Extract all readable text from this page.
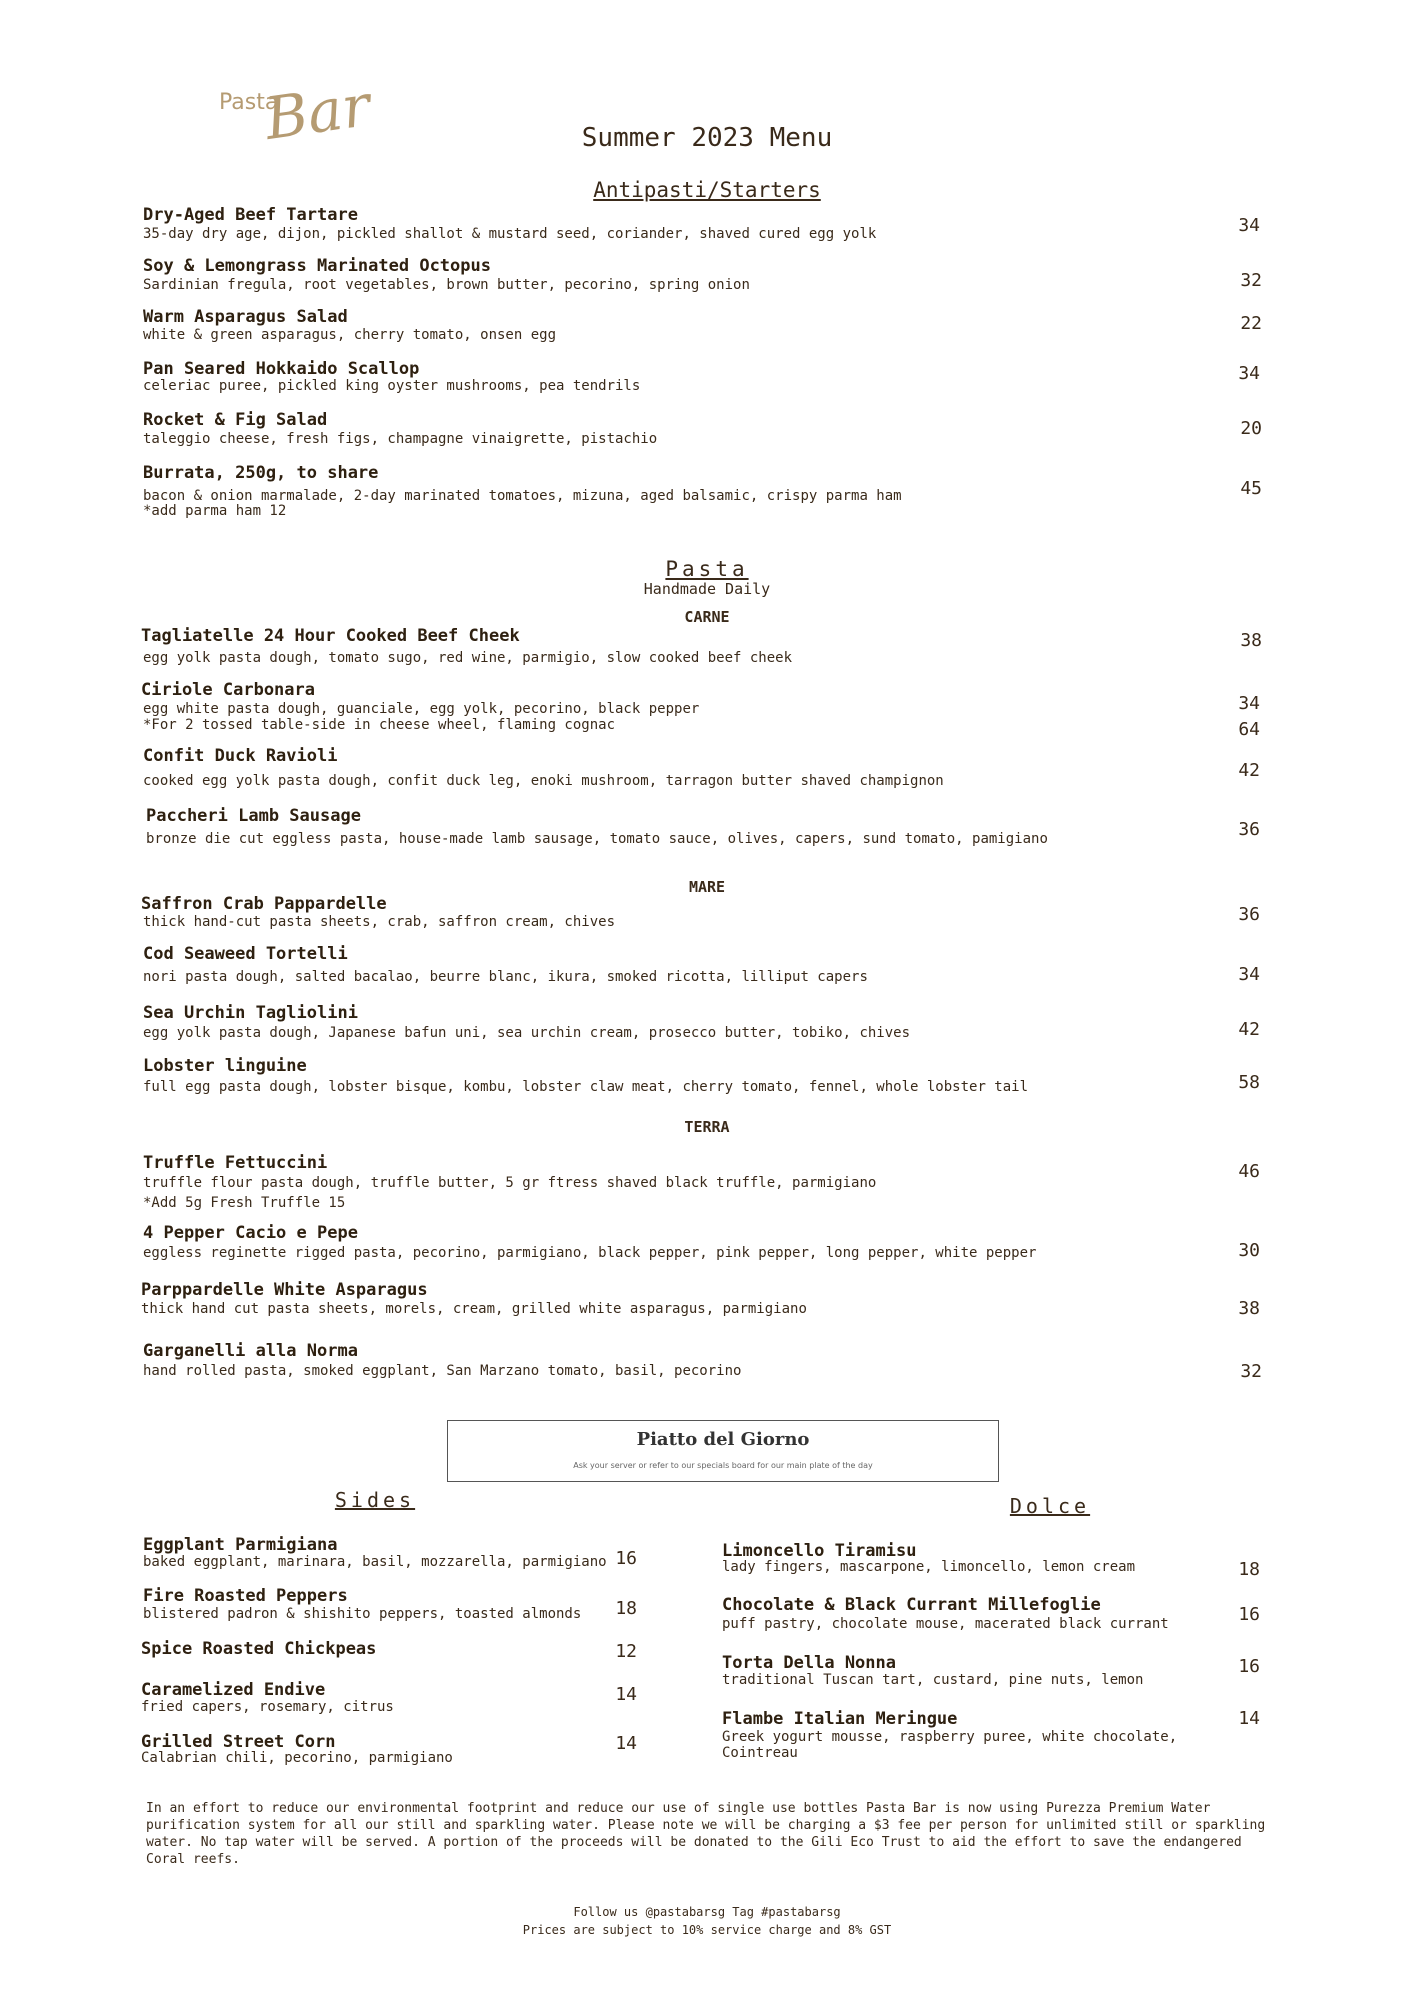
Pasta
Bar	Summer 2023 Menu
Antipasti/Starters
Dry-Aged Beef Tartare
35-day dry age, dijon, pickled shallot & mustard seed, coriander, shaved cured egg yolk	34
Soy & Lemongrass Marinated Octopus
Sardinian fregula, root vegetables, brown butter, pecorino, spring onion	32
Warm Asparagus Salad
white & green asparagus, cherry tomato, onsen egg
22
Pan Seared Hokkaido Scallop
celeriac puree, pickled king oyster mushrooms, pea tendrils
34
Rocket & Fig Salad
taleggio cheese, fresh figs, champagne vinaigrette, pistachio	20
Burrata, 250g, to share
bacon & onion marmalade, 2-day marinated tomatoes, mizuna, aged balsamic, crispy parma ham
*add parma ham 12
45
Pasta
Handmade Daily
CARNE
Tagliatelle 24 Hour Cooked Beef Cheek
egg yolk pasta dough, tomato sugo, red wine, parmigio, slow cooked beef cheek
38
Ciriole Carbonara
egg white pasta dough, guanciale, egg yolk, pecorino, black pepper
*For 2 tossed table-side in cheese wheel, flaming cognac
34
64
Confit Duck Ravioli
cooked egg yolk pasta dough, confit duck leg, enoki mushroom, tarragon butter shaved champignon	42
Paccheri Lamb Sausage
bronze die cut eggless pasta, house-made lamb sausage, tomato sauce, olives, capers, sund tomato, pamigiano	36
MARE
Saffron Crab Pappardelle
thick hand-cut pasta sheets, crab, saffron cream, chives	36
Cod Seaweed Tortelli
nori pasta dough, salted bacalao, beurre blanc, ikura, smoked ricotta, lilliput capers	34
Sea Urchin Tagliolini
egg yolk pasta dough, Japanese bafun uni, sea urchin cream, prosecco butter, tobiko, chives	42
Lobster linguine
full egg pasta dough, lobster bisque, kombu, lobster claw meat, cherry tomato, fennel, whole lobster tail	58
TERRA
Truffle Fettuccini
truffle flour pasta dough, truffle butter, 5 gr ftress shaved black truffle, parmigiano
*Add 5g Fresh Truffle 15
46
4 Pepper Cacio e Pepe
eggless reginette rigged pasta, pecorino, parmigiano, black pepper, pink pepper, long pepper, white pepper	30
Parppardelle White Asparagus
thick hand cut pasta sheets, morels, cream, grilled white asparagus, parmigiano	38
Garganelli alla Norma
hand rolled pasta, smoked eggplant, San Marzano tomato, basil, pecorino	32
Piatto del Giorno
Ask your server or refer to our specials board for our main plate of the day
Sides
Eggplant Parmigiana
baked eggplant, marinara, basil, mozzarella, parmigiano 16
Fire Roasted Peppers
blistered padron & shishito peppers, toasted almonds	18
Spice Roasted Chickpeas	12
Caramelized Endive
fried capers, rosemary, citrus
14
Grilled Street Corn
Calabrian chili, pecorino, parmigiano
14
Dolce
Limoncello Tiramisu
lady fingers, mascarpone, limoncello, lemon cream	18
Chocolate & Black Currant Millefoglie
puff pastry, chocolate mouse, macerated black currant	16
Torta Della Nonna
traditional Tuscan tart, custard, pine nuts, lemon
16
Flambe Italian Meringue
Greek yogurt mousse, raspberry puree, white chocolate,
Cointreau
14
In an effort to reduce our environmental footprint and reduce our use of single use bottles Pasta Bar is now using Purezza Premium Water purification system for all our still and sparkling water. Please note we will be charging a $3 fee per person for unlimited still or sparkling water. No tap water will be served. A portion of the proceeds will be donated to the Gili Eco Trust to aid the effort to save the endangered Coral reefs.
Follow us @pastabarsg Tag #pastabarsg
Prices are subject to 10% service charge and 8% GST
